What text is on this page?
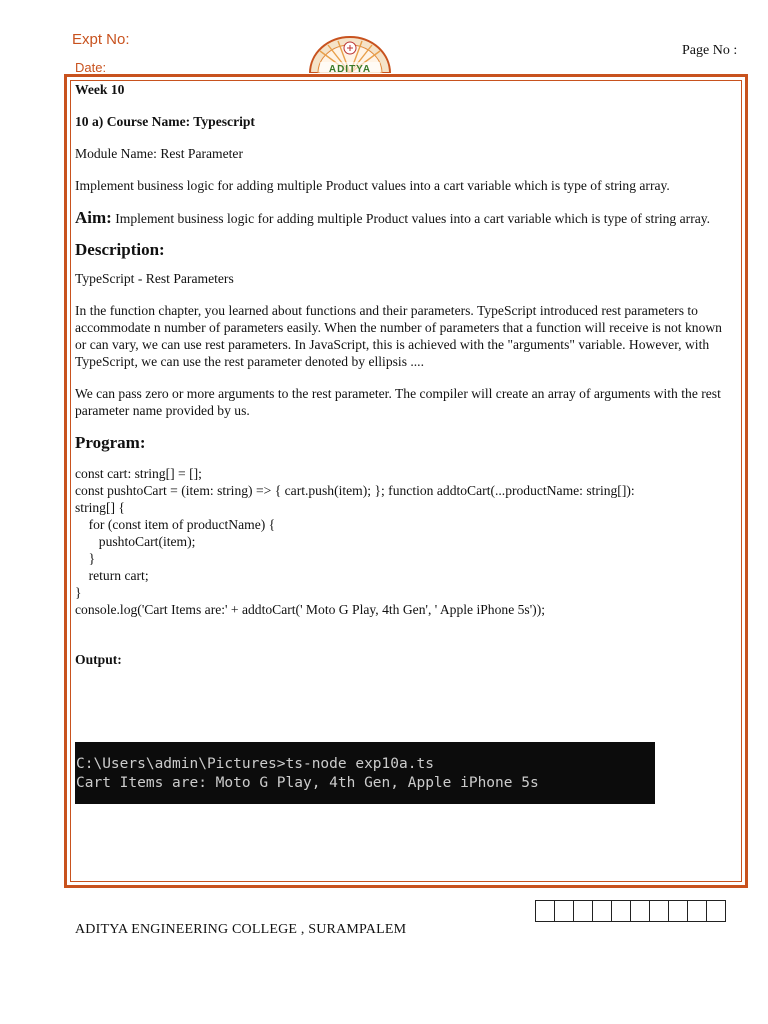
Expt No:
Date:
Page No :
ADITYA

Week 10

10 a) Course Name: Typescript

Module Name: Rest Parameter

Implement business logic for adding multiple Product values into a cart variable which is type of string array.

Aim: Implement business logic for adding multiple Product values into a cart variable which is type of string array.

Description:

TypeScript - Rest Parameters

In the function chapter, you learned about functions and their parameters. TypeScript introduced rest parameters to accommodate n number of parameters easily. When the number of parameters that a function will receive is not known or can vary, we can use rest parameters. In JavaScript, this is achieved with the "arguments" variable. However, with TypeScript, we can use the rest parameter denoted by ellipsis ....

We can pass zero or more arguments to the rest parameter. The compiler will create an array of arguments with the rest parameter name provided by us.

Program:

const cart: string[] = [];
const pushtoCart = (item: string) => { cart.push(item); }; function addtoCart(...productName: string[]):
string[] {
for (const item of productName) {
pushtoCart(item);
}
return cart;
}
console.log('Cart Items are:' + addtoCart(' Moto G Play, 4th Gen', ' Apple iPhone 5s'));

Output:

C:\Users\admin\Pictures>ts-node exp10a.ts
Cart Items are: Moto G Play, 4th Gen, Apple iPhone 5s
ADITYA ENGINEERING COLLEGE , SURAMPALEM
